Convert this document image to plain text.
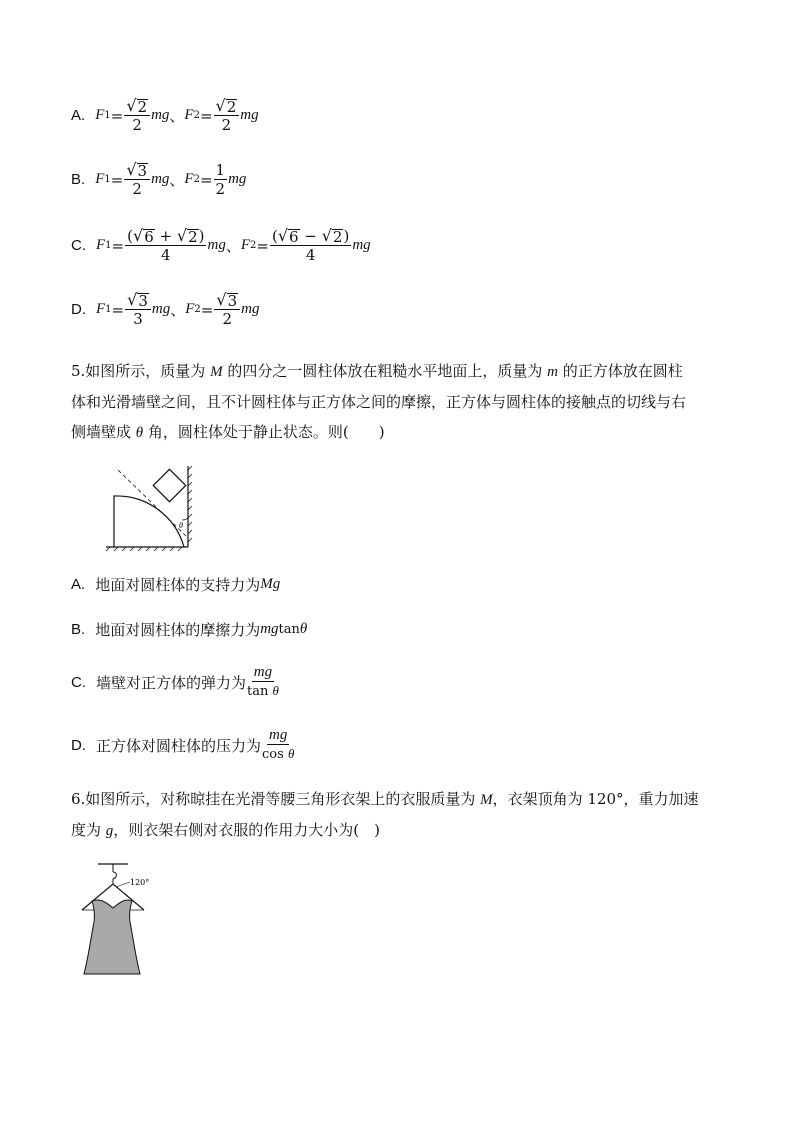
A. F $1 = \frac{√ 2}{2}$ mg 、 F $2 = \frac{√ 2}{2}$ mg
B. F $1 = \frac{√ 3}{2}$ mg 、 F $2 = \frac{1}{2}$ mg
C. F $1 = \frac{( √ 6 + √ 2 )}{4}$ mg 、 F $2 = \frac{( √ 6 - √ 2 )}{4}$ mg
D. F $1 = \frac{√ 3}{3}$ mg 、 F $2 = \frac{√ 3}{2}$ mg
5.如图所示，质量为 M 的四分之一圆柱体放在粗糙水平地面上，质量为 m 的正方体放在圆柱
体和光滑墙壁之间，且不计圆柱体与正方体之间的摩擦，正方体与圆柱体的接触点的切线与右
侧墙壁成 θ 角，圆柱体处于静止状态。则(　　)
θ
A. 地面对圆柱体的支持力为 Mg
B. 地面对圆柱体的摩擦力为 mg tan θ
C. 墙壁对正方体的弹力为 $\frac{mg}{\text{tan θ}}$
D. 正方体对圆柱体的压力为 $\frac{mg}{\text{cos θ}}$
6.如图所示，对称晾挂在光滑等腰三角形衣架上的衣服质量为 M，衣架顶角为 120°，重力加速
度为 g，则衣架右侧对衣服的作用力大小为(　)
120°
